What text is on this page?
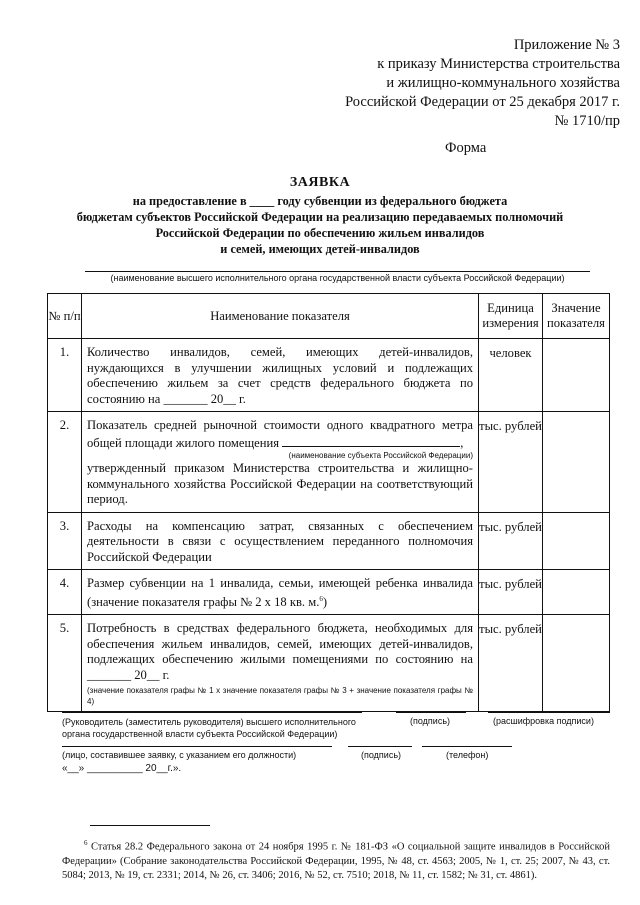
Приложение № 3
к приказу Министерства строительства
и жилищно-коммунального хозяйства
Российской Федерации от 25 декабря 2017 г.
№ 1710/пр
Форма
ЗАЯВКА
на предоставление в ____ году субвенции из федерального бюджета
бюджетам субъектов Российской Федерации на реализацию передаваемых полномочий
Российской Федерации по обеспечению жильем инвалидов
и семей, имеющих детей-инвалидов
(наименование высшего исполнительного органа государственной власти субъекта Российской Федерации)
№ п/п	Наименование показателя	Единица измерения	Значение показателя
1.	Количество инвалидов, семей, имеющих детей-инвалидов, нуждающихся в улучшении жилищных условий и подлежащих обеспечению жильем за счет средств федерального бюджета по состоянию на _______ 20__ г.	человек	
2.	Показатель средней рыночной стоимости одного квадратного метра общей площади жилого помещения ,
(наименование субъекта Российской Федерации)
утвержденный приказом Министерства строительства и жилищно-коммунального хозяйства Российской Федерации на соответствующий период.	тыс. рублей	
3.	Расходы на компенсацию затрат, связанных с обеспечением деятельности в связи с осуществлением переданного полномочия Российской Федерации	тыс. рублей	
4.	Размер субвенции на 1 инвалида, семьи, имеющей ребенка инвалида (значение показателя графы № 2 х 18 кв. м.$^6$)	тыс. рублей	
5.	Потребность в средствах федерального бюджета, необходимых для обеспечения жильем инвалидов, семей, имеющих детей-инвалидов, подлежащих обеспечению жилыми помещениями по состоянию на _______ 20__ г.
(значение показателя графы № 1 х значение показателя графы № 3 + значение показателя графы № 4)	тыс. рублей	
(Руководитель (заместитель руководителя) высшего исполнительного органа государственной власти субъекта Российской Федерации)
(подпись)	(расшифровка подписи)
(лицо, составившее заявку, с указанием его должности)	(подпись)	(телефон)
«__» __________ 20__г.».
$^6$ Статья 28.2 Федерального закона от 24 ноября 1995 г. № 181-ФЗ «О социальной защите инвалидов в Российской Федерации» (Собрание законодательства Российской Федерации, 1995, № 48, ст. 4563; 2005, № 1, ст. 25; 2007, № 43, ст. 5084; 2013, № 19, ст. 2331; 2014, № 26, ст. 3406; 2016, № 52, ст. 7510; 2018, № 11, ст. 1582; № 31, ст. 4861).
